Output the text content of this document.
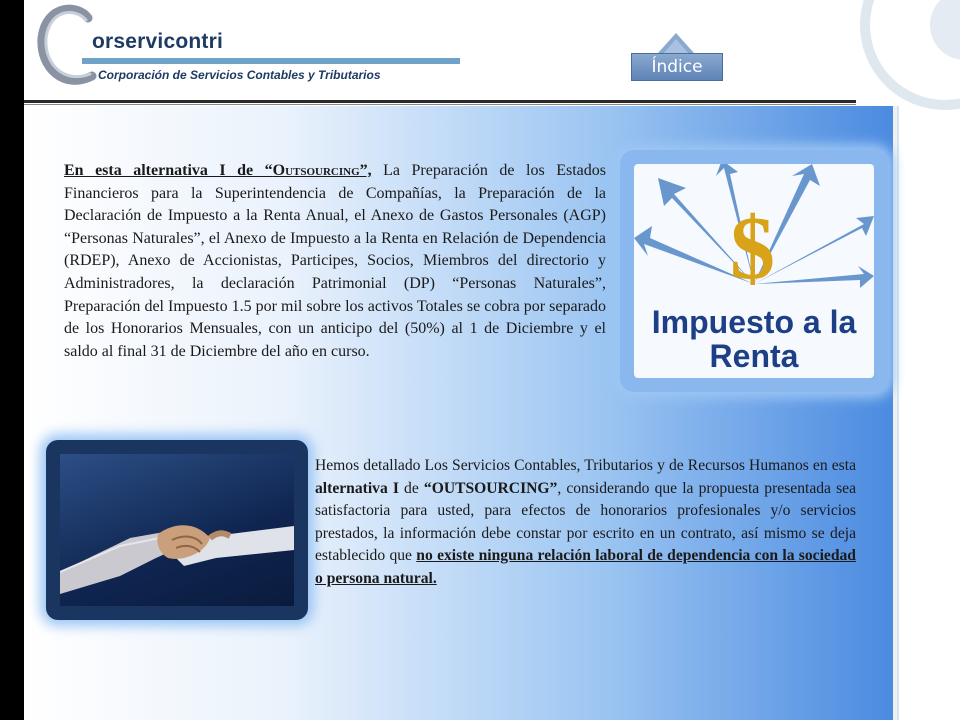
orservicontri
Corporación de Servicios Contables y Tributarios	Índice
En esta alternativa I de “Outsourcing”, La Preparación de los Estados Financieros para la Superintendencia de Compañías, la Preparación de la Declaración de Impuesto a la Renta Anual, el Anexo de Gastos Personales (AGP) “Personas Naturales”, el Anexo de Impuesto a la Renta en Relación de Dependencia (RDEP), Anexo de Accionistas, Participes, Socios, Miembros del directorio y Administradores, la declaración Patrimonial (DP) “Personas Naturales”, Preparación del Impuesto 1.5 por mil sobre los activos Totales se cobra por separado de los Honorarios Mensuales, con un anticipo del (50%) al 1 de Diciembre y el saldo al final 31 de Diciembre del año en curso.
$
Impuesto a la
Renta
Hemos detallado Los Servicios Contables, Tributarios y de Recursos Humanos en esta alternativa I de “OUTSOURCING”, considerando que la propuesta presentada sea satisfactoria para usted, para efectos de honorarios profesionales y/o servicios prestados, la información debe constar por escrito en un contrato, así mismo se deja establecido que no existe ninguna relación laboral de dependencia con la sociedad o persona natural.
